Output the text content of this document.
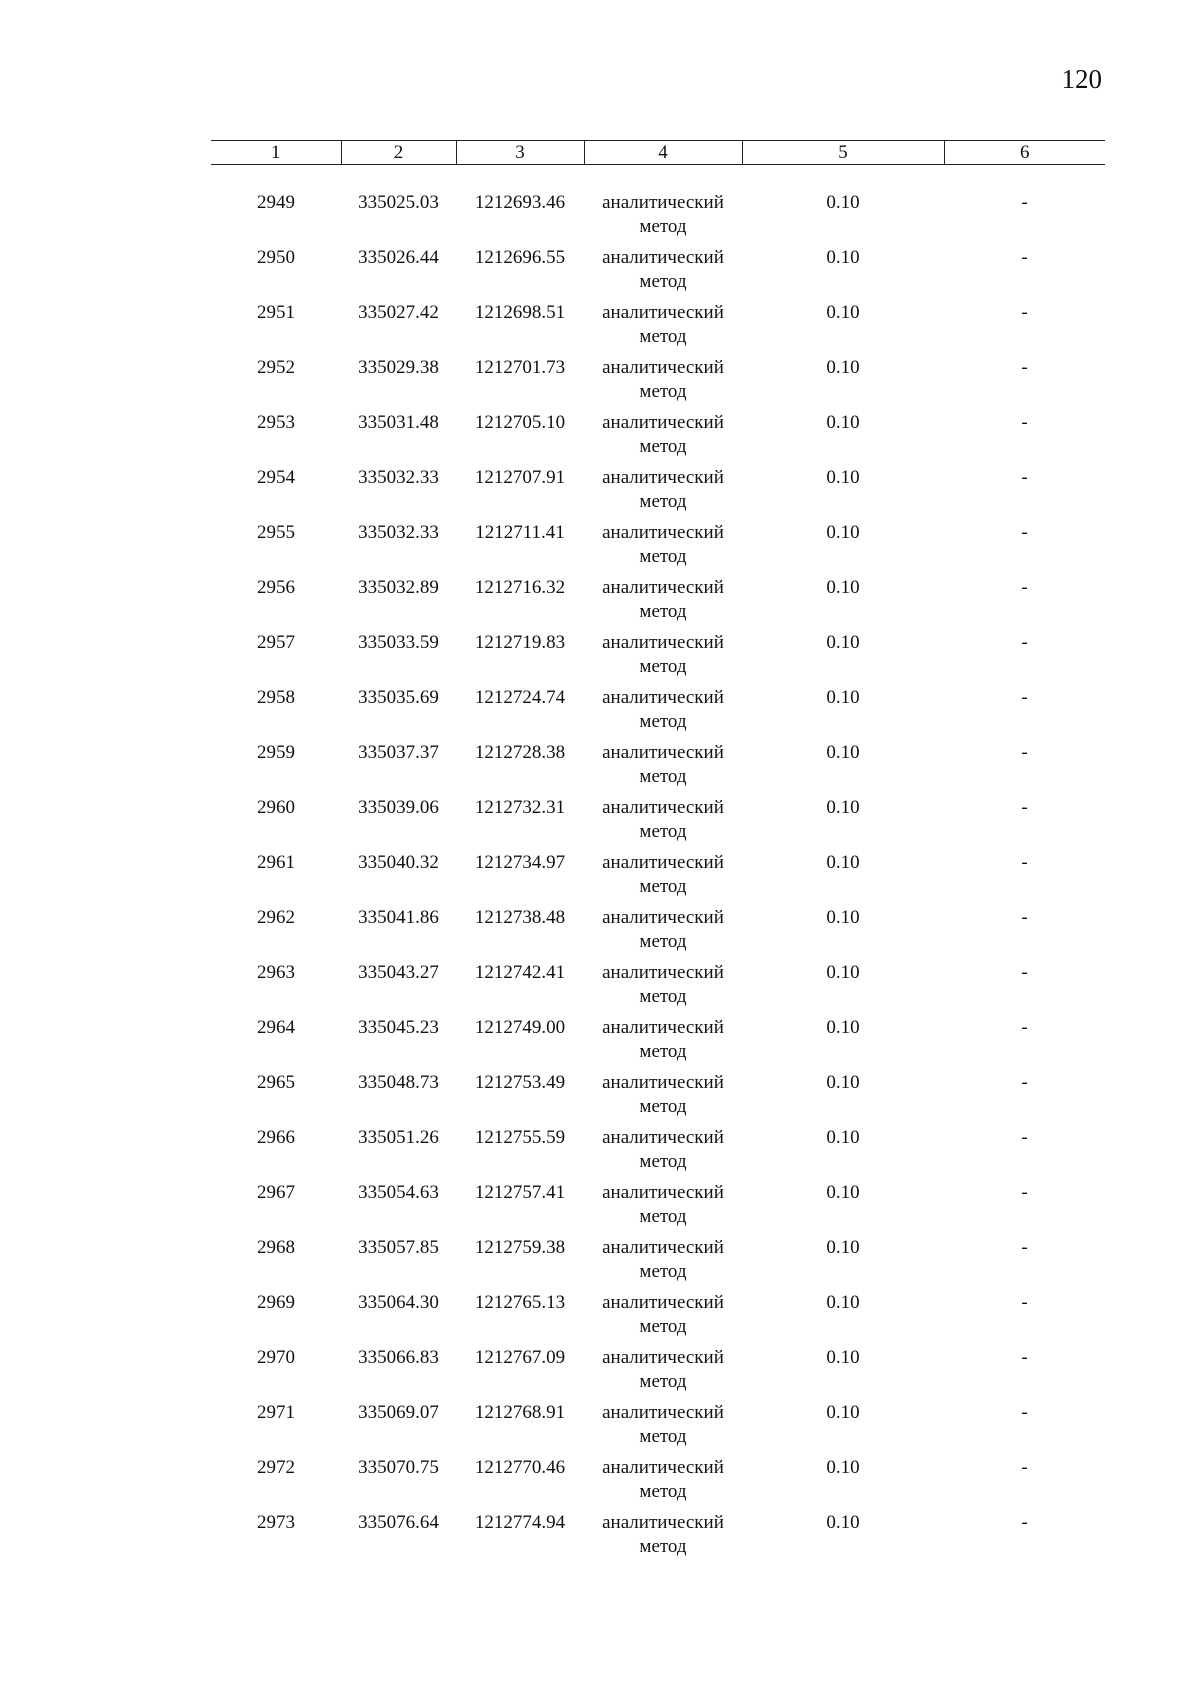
120
1	2	3	4	5	6

2949	335025.03	1212693.46	аналитический
метод	0.10	-
2950	335026.44	1212696.55	аналитический
метод	0.10	-
2951	335027.42	1212698.51	аналитический
метод	0.10	-
2952	335029.38	1212701.73	аналитический
метод	0.10	-
2953	335031.48	1212705.10	аналитический
метод	0.10	-
2954	335032.33	1212707.91	аналитический
метод	0.10	-
2955	335032.33	1212711.41	аналитический
метод	0.10	-
2956	335032.89	1212716.32	аналитический
метод	0.10	-
2957	335033.59	1212719.83	аналитический
метод	0.10	-
2958	335035.69	1212724.74	аналитический
метод	0.10	-
2959	335037.37	1212728.38	аналитический
метод	0.10	-
2960	335039.06	1212732.31	аналитический
метод	0.10	-
2961	335040.32	1212734.97	аналитический
метод	0.10	-
2962	335041.86	1212738.48	аналитический
метод	0.10	-
2963	335043.27	1212742.41	аналитический
метод	0.10	-
2964	335045.23	1212749.00	аналитический
метод	0.10	-
2965	335048.73	1212753.49	аналитический
метод	0.10	-
2966	335051.26	1212755.59	аналитический
метод	0.10	-
2967	335054.63	1212757.41	аналитический
метод	0.10	-
2968	335057.85	1212759.38	аналитический
метод	0.10	-
2969	335064.30	1212765.13	аналитический
метод	0.10	-
2970	335066.83	1212767.09	аналитический
метод	0.10	-
2971	335069.07	1212768.91	аналитический
метод	0.10	-
2972	335070.75	1212770.46	аналитический
метод	0.10	-
2973	335076.64	1212774.94	аналитический
метод	0.10	-
